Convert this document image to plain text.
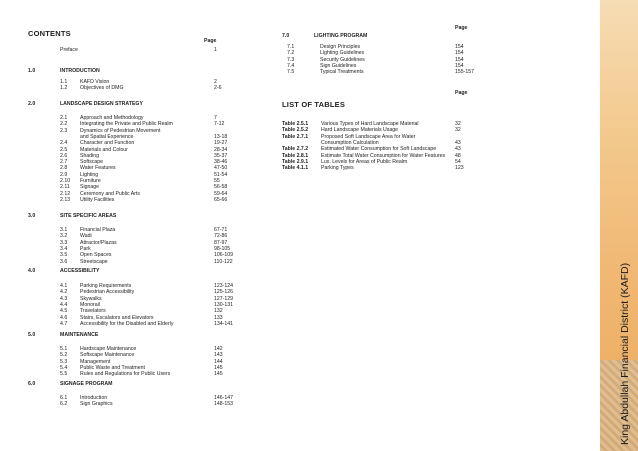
CONTENTS
Page
Preface	1
1.0	INTRODUCTION
1.1 KAFD Vision	2
1.2 Objectives of DMG	2-6
2.0	LANDSCAPE DESIGN STRATEGY
2.1 Approach and Methodology	7
2.2 Integrating the Private and Public Realm	7-12
2.3 Dynamics of Pedestrian Movement
and Spatial Experience	13-18
2.4 Character and Function	19-27
2.5 Materials and Colour	28-34
2.6 Shading	35-37
2.7 Softscape	38-46
2.8 Water Features	47-50
2.9 Lighting	51-54
2.10 Furniture	55
2.11 Signage	56-58
2.12 Ceremony and Public Arts	59-64
2.13 Utility Facilities	65-66
3.0	SITE SPECIFIC AREAS
3.1 Financial Plaza	67-71
3.2 Wadi	72-86
3.3 Attractor/Plazas	87-97
3.4 Park	98-105
3.5 Open Spaces	106-109
3.6 Streetscape	110-122
4.0	ACCESSIBILITY
4.1 Parking Requirements	123-124
4.2 Pedestrian Accessibility	125-126
4.3 Skywalks	127-129
4.4 Monorail	130-131
4.5 Travelators	132
4.6 Stairs, Escalators and Elevators	133
4.7 Accessibility for the Disabled and Elderly	134-141
5.0	MAINTENANCE
5.1 Hardscape Maintenance	142
5.2 Softscape Maintenance	143
5.3 Management	144
5.4 Public Waste and Treatment	145
5.5 Rules and Regulations for Public Users	145
6.0	SIGNAGE PROGRAM
6.1 Introduction	146-147
6.2 Sign Graphics	148-153
Page
7.0	LIGHTING PROGRAM
7.1	Design Principles	154
7.2	Lighting Guidelines	154
7.3	Security Guidelines	154
7.4	Sign Guidelines	154
7.5	Typical Treatments	155-157
Page
LIST OF TABLES
Table 2.5.1 Various Types of Hard Landscape Material	32
Table 2.5.2 Hard Landscape Materials Usage	32
Table 2.7.1 Proposed Soft Landscape Area for Water
Consumption Calculation	43
Table 2.7.2 Estimated Water Consumption for Soft Landscape	43
Table 2.8.1 Estimate Total Water Consumption for Water Features 48
Table 2.9.1 Lux. Levels for Areas of Public Realm	54
Table 4.1.1 Parking Types	123
King Abdullah Financial District (KAFD)
